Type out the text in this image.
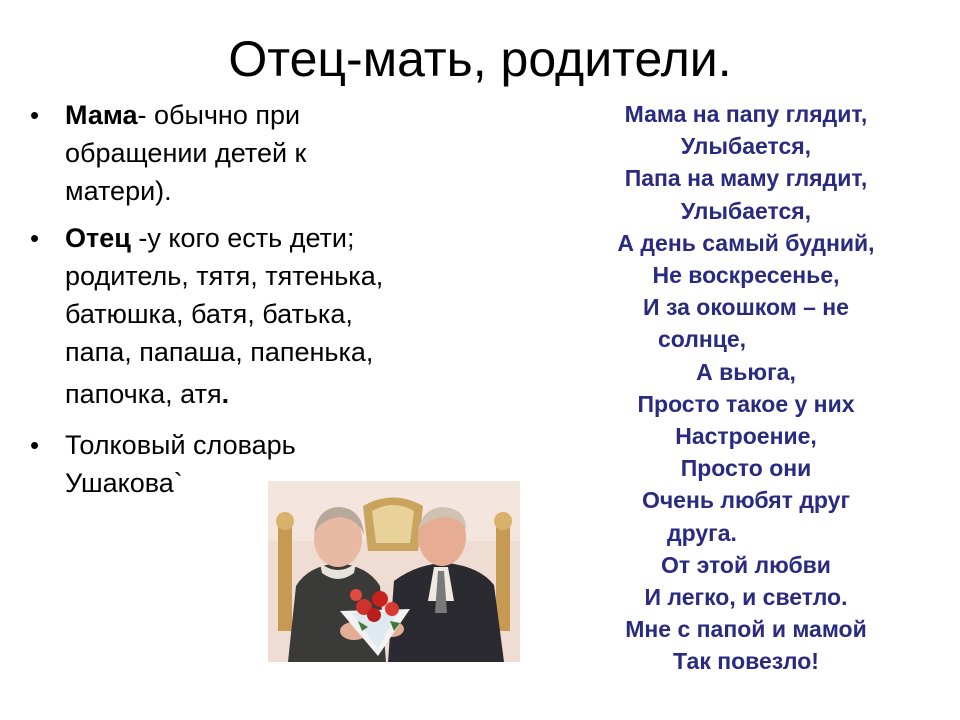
Отец-мать, родители.
• Мама- обычно при
обращении детей к
матери).
• Отец -у кого есть дети;
родитель, тятя, тятенька,
батюшка, батя, батька,
папа, папаша, папенька,
папочка, атя.
• Толковый словарь
Ушакова`
Мама на папу глядит,
Улыбается,
Папа на маму глядит,
Улыбается,
А день самый будний,
Не воскресенье,
И за окошком – не
солнце,
А вьюга,
Просто такое у них
Настроение,
Просто они
Очень любят друг
друга.
От этой любви
И легко, и светло.
Мне с папой и мамой
Так повезло!
